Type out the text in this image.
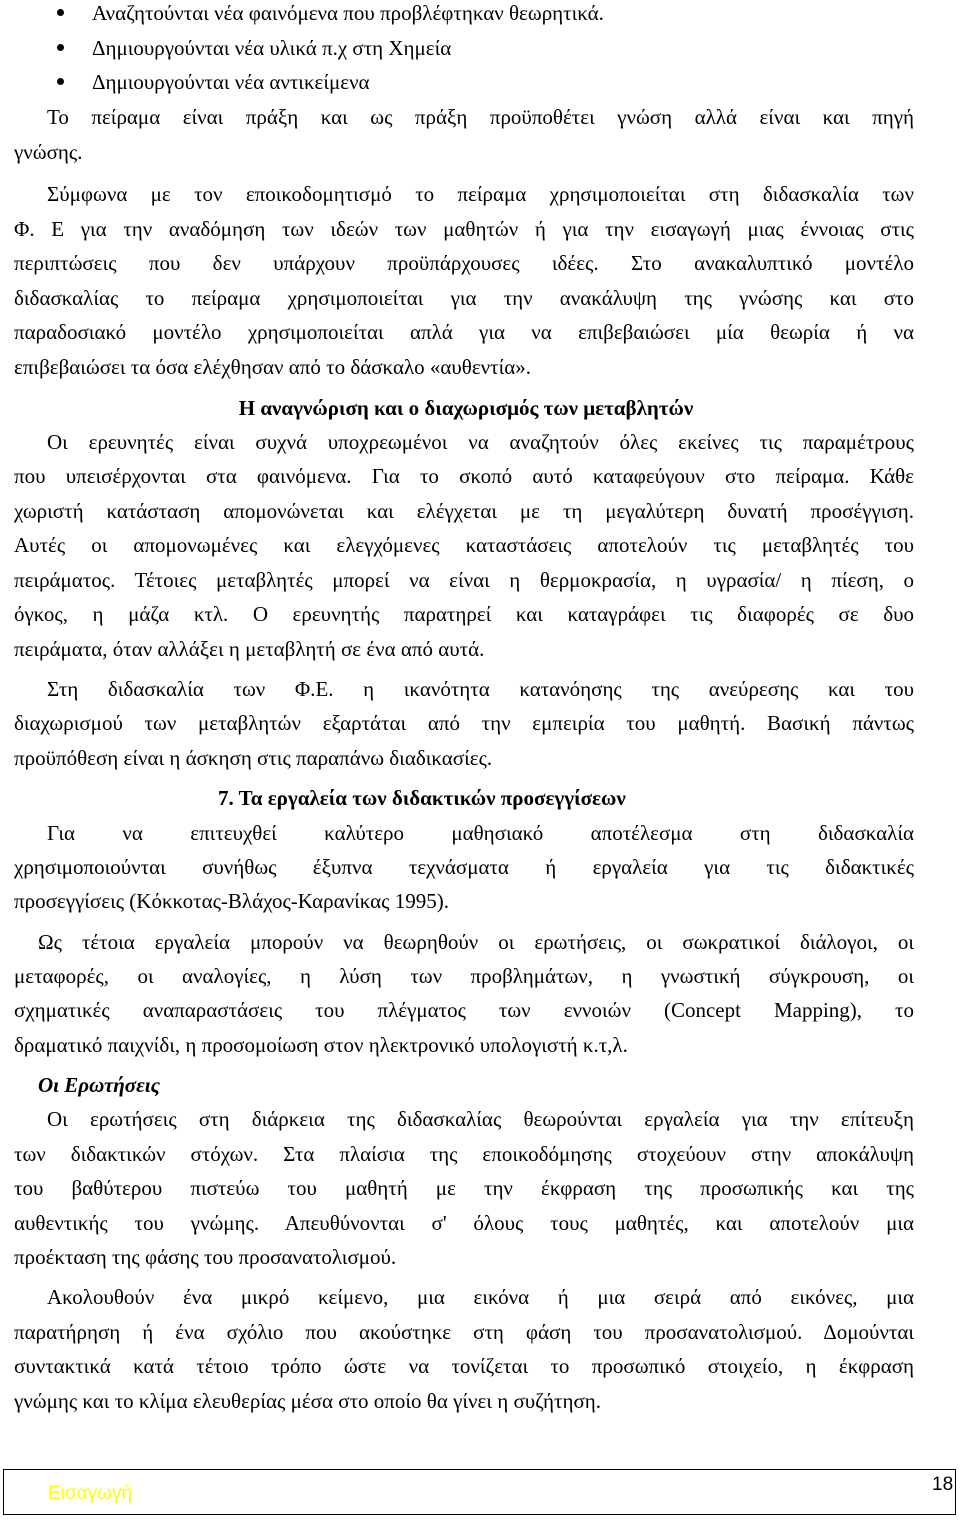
Αναζητούνται νέα φαινόμενα που προβλέφτηκαν θεωρητικά.
Δημιουργούνται νέα υλικά π.χ στη Χημεία
Δημιουργούνται νέα αντικείμενα
Το πείραμα είναι πράξη και ως πράξη προϋποθέτει γνώση αλλά είναι και πηγή
γνώσης.
Σύμφωνα με τον εποικοδομητισμό το πείραμα χρησιμοποιείται στη διδασκαλία των
Φ. Ε για την αναδόμηση των ιδεών των μαθητών ή για την εισαγωγή μιας έννοιας στις
περιπτώσεις που δεν υπάρχουν προϋπάρχουσες ιδέες. Στο ανακαλυπτικό μοντέλο
διδασκαλίας το πείραμα χρησιμοποιείται για την ανακάλυψη της γνώσης και στο
παραδοσιακό μοντέλο χρησιμοποιείται απλά για να επιβεβαιώσει μία θεωρία ή να
επιβεβαιώσει τα όσα ελέχθησαν από το δάσκαλο «αυθεντία».
Η αναγνώριση και ο διαχωρισμός των μεταβλητών
Οι ερευνητές είναι συχνά υποχρεωμένοι να αναζητούν όλες εκείνες τις παραμέτρους
που υπεισέρχονται στα φαινόμενα. Για το σκοπό αυτό καταφεύγουν στο πείραμα. Κάθε
χωριστή κατάσταση απομονώνεται και ελέγχεται με τη μεγαλύτερη δυνατή προσέγγιση.
Αυτές οι απομονωμένες και ελεγχόμενες καταστάσεις αποτελούν τις μεταβλητές του
πειράματος. Τέτοιες μεταβλητές μπορεί να είναι η θερμοκρασία, η υγρασία/ η πίεση, ο
όγκος, η μάζα κτλ. Ο ερευνητής παρατηρεί και καταγράφει τις διαφορές σε δυο
πειράματα, όταν αλλάξει η μεταβλητή σε ένα από αυτά.
Στη διδασκαλία των Φ.Ε. η ικανότητα κατανόησης της ανεύρεσης και του
διαχωρισμού των μεταβλητών εξαρτάται από την εμπειρία του μαθητή. Βασική πάντως
προϋπόθεση είναι η άσκηση στις παραπάνω διαδικασίες.
7. Τα εργαλεία των διδακτικών προσεγγίσεων
Για να επιτευχθεί καλύτερο μαθησιακό αποτέλεσμα στη διδασκαλία
χρησιμοποιούνται συνήθως έξυπνα τεχνάσματα ή εργαλεία για τις διδακτικές
προσεγγίσεις (Κόκκοτας-Βλάχος-Καρανίκας 1995).
Ως τέτοια εργαλεία μπορούν να θεωρηθούν οι ερωτήσεις, οι σωκρατικοί διάλογοι, οι
μεταφορές, οι αναλογίες, η λύση των προβλημάτων, η γνωστική σύγκρουση, οι
σχηματικές αναπαραστάσεις του πλέγματος των εννοιών (Concept Mapping), το
δραματικό παιχνίδι, η προσομοίωση στον ηλεκτρονικό υπολογιστή κ.τ,λ.
Οι Ερωτήσεις
Οι ερωτήσεις στη διάρκεια της διδασκαλίας θεωρούνται εργαλεία για την επίτευξη
των διδακτικών στόχων. Στα πλαίσια της εποικοδόμησης στοχεύουν στην αποκάλυψη
του βαθύτερου πιστεύω του μαθητή με την έκφραση της προσωπικής και της
αυθεντικής του γνώμης. Απευθύνονται σ' όλους τους μαθητές, και αποτελούν μια
προέκταση της φάσης του προσανατολισμού.
Ακολουθούν ένα μικρό κείμενο, μια εικόνα ή μια σειρά από εικόνες, μια
παρατήρηση ή ένα σχόλιο που ακούστηκε στη φάση του προσανατολισμού. Δομούνται
συντακτικά κατά τέτοιο τρόπο ώστε να τονίζεται το προσωπικό στοιχείο, η έκφραση
γνώμης και το κλίμα ελευθερίας μέσα στο οποίο θα γίνει η συζήτηση.
Εισαγωγή	18
